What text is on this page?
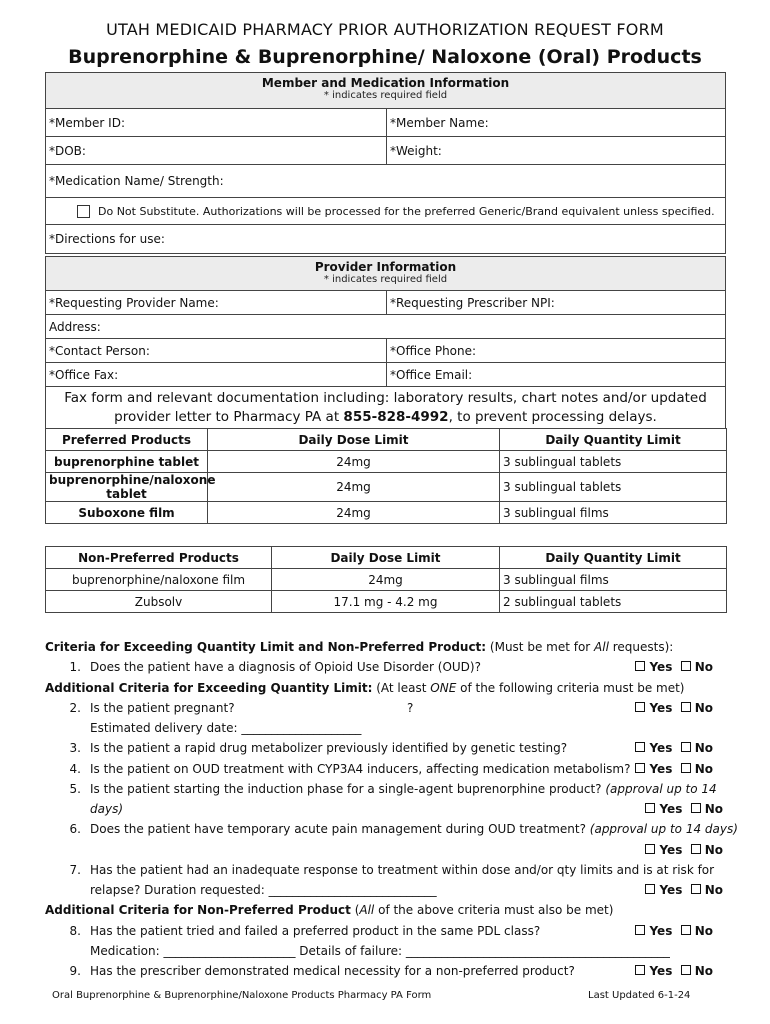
UTAH MEDICAID PHARMACY PRIOR AUTHORIZATION REQUEST FORM
Buprenorphine & Buprenorphine/ Naloxone (Oral) Products
Member and Medication Information
* indicates required field
*Member ID:	*Member Name:
*DOB:	*Weight:
*Medication Name/ Strength:
Do Not Substitute. Authorizations will be processed for the preferred Generic/Brand equivalent unless specified.
*Directions for use:
Provider Information
* indicates required field
*Requesting Provider Name:	*Requesting Prescriber NPI:
Address:
*Contact Person:	*Office Phone:
*Office Fax:	*Office Email:
Fax form and relevant documentation including: laboratory results, chart notes and/or updated
provider letter to Pharmacy PA at 855-828-4992, to prevent processing delays.
Preferred Products	Daily Dose Limit	Daily Quantity Limit
buprenorphine tablet	24mg	3 sublingual tablets
buprenorphine/naloxone tablet	24mg	3 sublingual tablets
Suboxone film	24mg	3 sublingual films
Non-Preferred Products	Daily Dose Limit	Daily Quantity Limit
buprenorphine/naloxone film	24mg	3 sublingual films
Zubsolv	17.1 mg - 4.2 mg	2 sublingual tablets
Criteria for Exceeding Quantity Limit and Non-Preferred Product: (Must be met for All requests):
1. Does the patient have a diagnosis of Opioid Use Disorder (OUD)?	Yes No
Additional Criteria for Exceeding Quantity Limit: (At least ONE of the following criteria must be met)
2. Is the patient pregnant?	?	Yes No
Estimated delivery date: ____________________
3. Is the patient a rapid drug metabolizer previously identified by genetic testing?	Yes No
4. Is the patient on OUD treatment with CYP3A4 inducers, affecting medication metabolism?	Yes No
5. Is the patient starting the induction phase for a single-agent buprenorphine product? (approval up to 14
days)	Yes No
6. Does the patient have temporary acute pain management during OUD treatment? (approval up to 14 days)
Yes No
7. Has the patient had an inadequate response to treatment within dose and/or qty limits and is at risk for
relapse? Duration requested: ____________________________	Yes No
Additional Criteria for Non-Preferred Product (All of the above criteria must also be met)
8. Has the patient tried and failed a preferred product in the same PDL class?	Yes No
Medication: ______________________ Details of failure: ____________________________________________
9. Has the prescriber demonstrated medical necessity for a non-preferred product?	Yes No
Oral Buprenorphine & Buprenorphine/Naloxone Products Pharmacy PA Form	Last Updated 6-1-24
